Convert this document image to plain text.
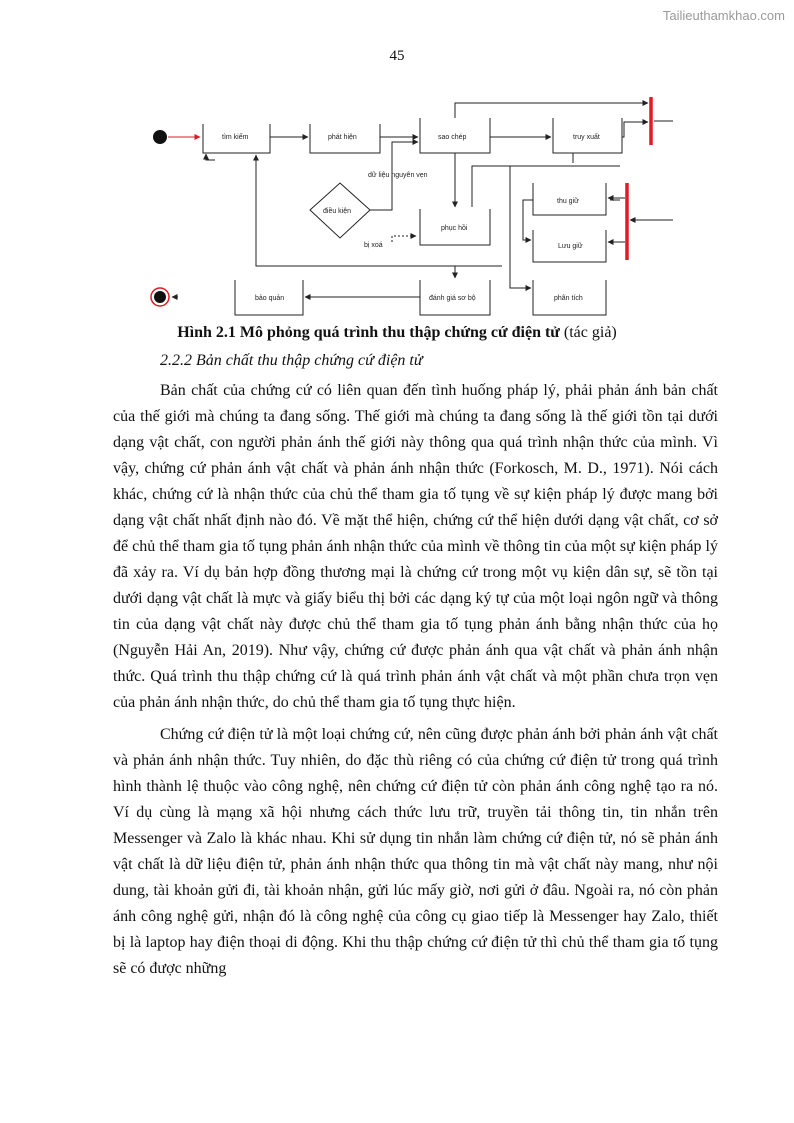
Tailieuthamkhao.com
45
tìm kiếm	phát hiện	sao chép	truy xuất
điều kiện
phục hồi
thu giữ
Lưu giữ
bảo quản	đánh giá sơ bộ	phân tích
dữ liệu nguyên vẹn
bị xoá
Hình 2.1 Mô phỏng quá trình thu thập chứng cứ điện tử (tác giả)
2.2.2 Bản chất thu thập chứng cứ điện tử

Bản chất của chứng cứ có liên quan đến tình huống pháp lý, phải phản ánh bản chất của thế giới mà chúng ta đang sống. Thế giới mà chúng ta đang sống là thế giới tồn tại dưới dạng vật chất, con người phản ánh thế giới này thông qua quá trình nhận thức của mình. Vì vậy, chứng cứ phản ánh vật chất và phản ánh nhận thức (Forkosch, M. D., 1971). Nói cách khác, chứng cứ là nhận thức của chủ thể tham gia tố tụng về sự kiện pháp lý được mang bởi dạng vật chất nhất định nào đó. Về mặt thể hiện, chứng cứ thể hiện dưới dạng vật chất, cơ sở để chủ thể tham gia tố tụng phản ánh nhận thức của mình về thông tin của một sự kiện pháp lý đã xảy ra. Ví dụ bản hợp đồng thương mại là chứng cứ trong một vụ kiện dân sự, sẽ tồn tại dưới dạng vật chất là mực và giấy biểu thị bởi các dạng ký tự của một loại ngôn ngữ và thông tin của dạng vật chất này được chủ thể tham gia tố tụng phản ánh bằng nhận thức của họ (Nguyễn Hải An, 2019). Như vậy, chứng cứ được phản ánh qua vật chất và phản ánh nhận thức. Quá trình thu thập chứng cứ là quá trình phản ánh vật chất và một phần chưa trọn vẹn của phản ánh nhận thức, do chủ thể tham gia tố tụng thực hiện.

Chứng cứ điện tử là một loại chứng cứ, nên cũng được phản ánh bởi phản ánh vật chất và phản ánh nhận thức. Tuy nhiên, do đặc thù riêng có của chứng cứ điện tử trong quá trình hình thành lệ thuộc vào công nghệ, nên chứng cứ điện tử còn phản ánh công nghệ tạo ra nó. Ví dụ cùng là mạng xã hội nhưng cách thức lưu trữ, truyền tải thông tin, tin nhắn trên Messenger và Zalo là khác nhau. Khi sử dụng tin nhắn làm chứng cứ điện tử, nó sẽ phản ánh vật chất là dữ liệu điện tử, phản ánh nhận thức qua thông tin mà vật chất này mang, như nội dung, tài khoản gửi đi, tài khoản nhận, gửi lúc mấy giờ, nơi gửi ở đâu. Ngoài ra, nó còn phản ánh công nghệ gửi, nhận đó là công nghệ của công cụ giao tiếp là Messenger hay Zalo, thiết bị là laptop hay điện thoại di động. Khi thu thập chứng cứ điện tử thì chủ thể tham gia tố tụng sẽ có được những
